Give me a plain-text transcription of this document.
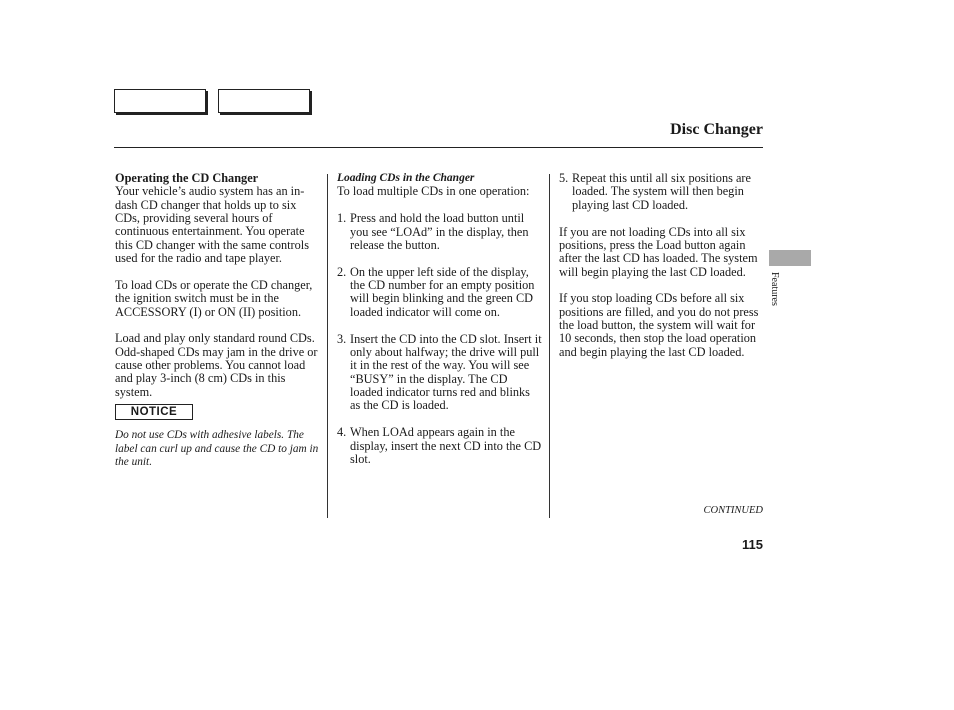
Disc Changer
Operating the CD Changer

Your vehicle’s audio system has an in-dash CD changer that holds up to six CDs, providing several hours of continuous entertainment. You operate this CD changer with the same controls used for the radio and tape player.

To load CDs or operate the CD changer, the ignition switch must be in the ACCESSORY (I) or ON (II) position.

Load and play only standard round CDs. Odd-shaped CDs may jam in the drive or cause other problems. You cannot load and play 3-inch (8 cm) CDs in this system.

NOTICE
Do not use CDs with adhesive labels. The label can curl up and cause the CD to jam in the unit.
Loading CDs in the Changer

To load multiple CDs in one operation:

1. Press and hold the load button until you see “LOAd” in the display, then release the button.
2. On the upper left side of the display, the CD number for an empty position will begin blinking and the green CD loaded indicator will come on.
3. Insert the CD into the CD slot. Insert it only about halfway; the drive will pull it in the rest of the way. You will see “BUSY” in the display. The CD loaded indicator turns red and blinks as the CD is loaded.
4. When LOAd appears again in the display, insert the next CD into the CD slot.
5. Repeat this until all six positions are loaded. The system will then begin playing last CD loaded.

If you are not loading CDs into all six positions, press the Load button again after the last CD has loaded. The system will begin playing the last CD loaded.

If you stop loading CDs before all six positions are filled, and you do not press the load button, the system will wait for 10 seconds, then stop the load operation and begin playing the last CD loaded.

CONTINUED
115
Features
